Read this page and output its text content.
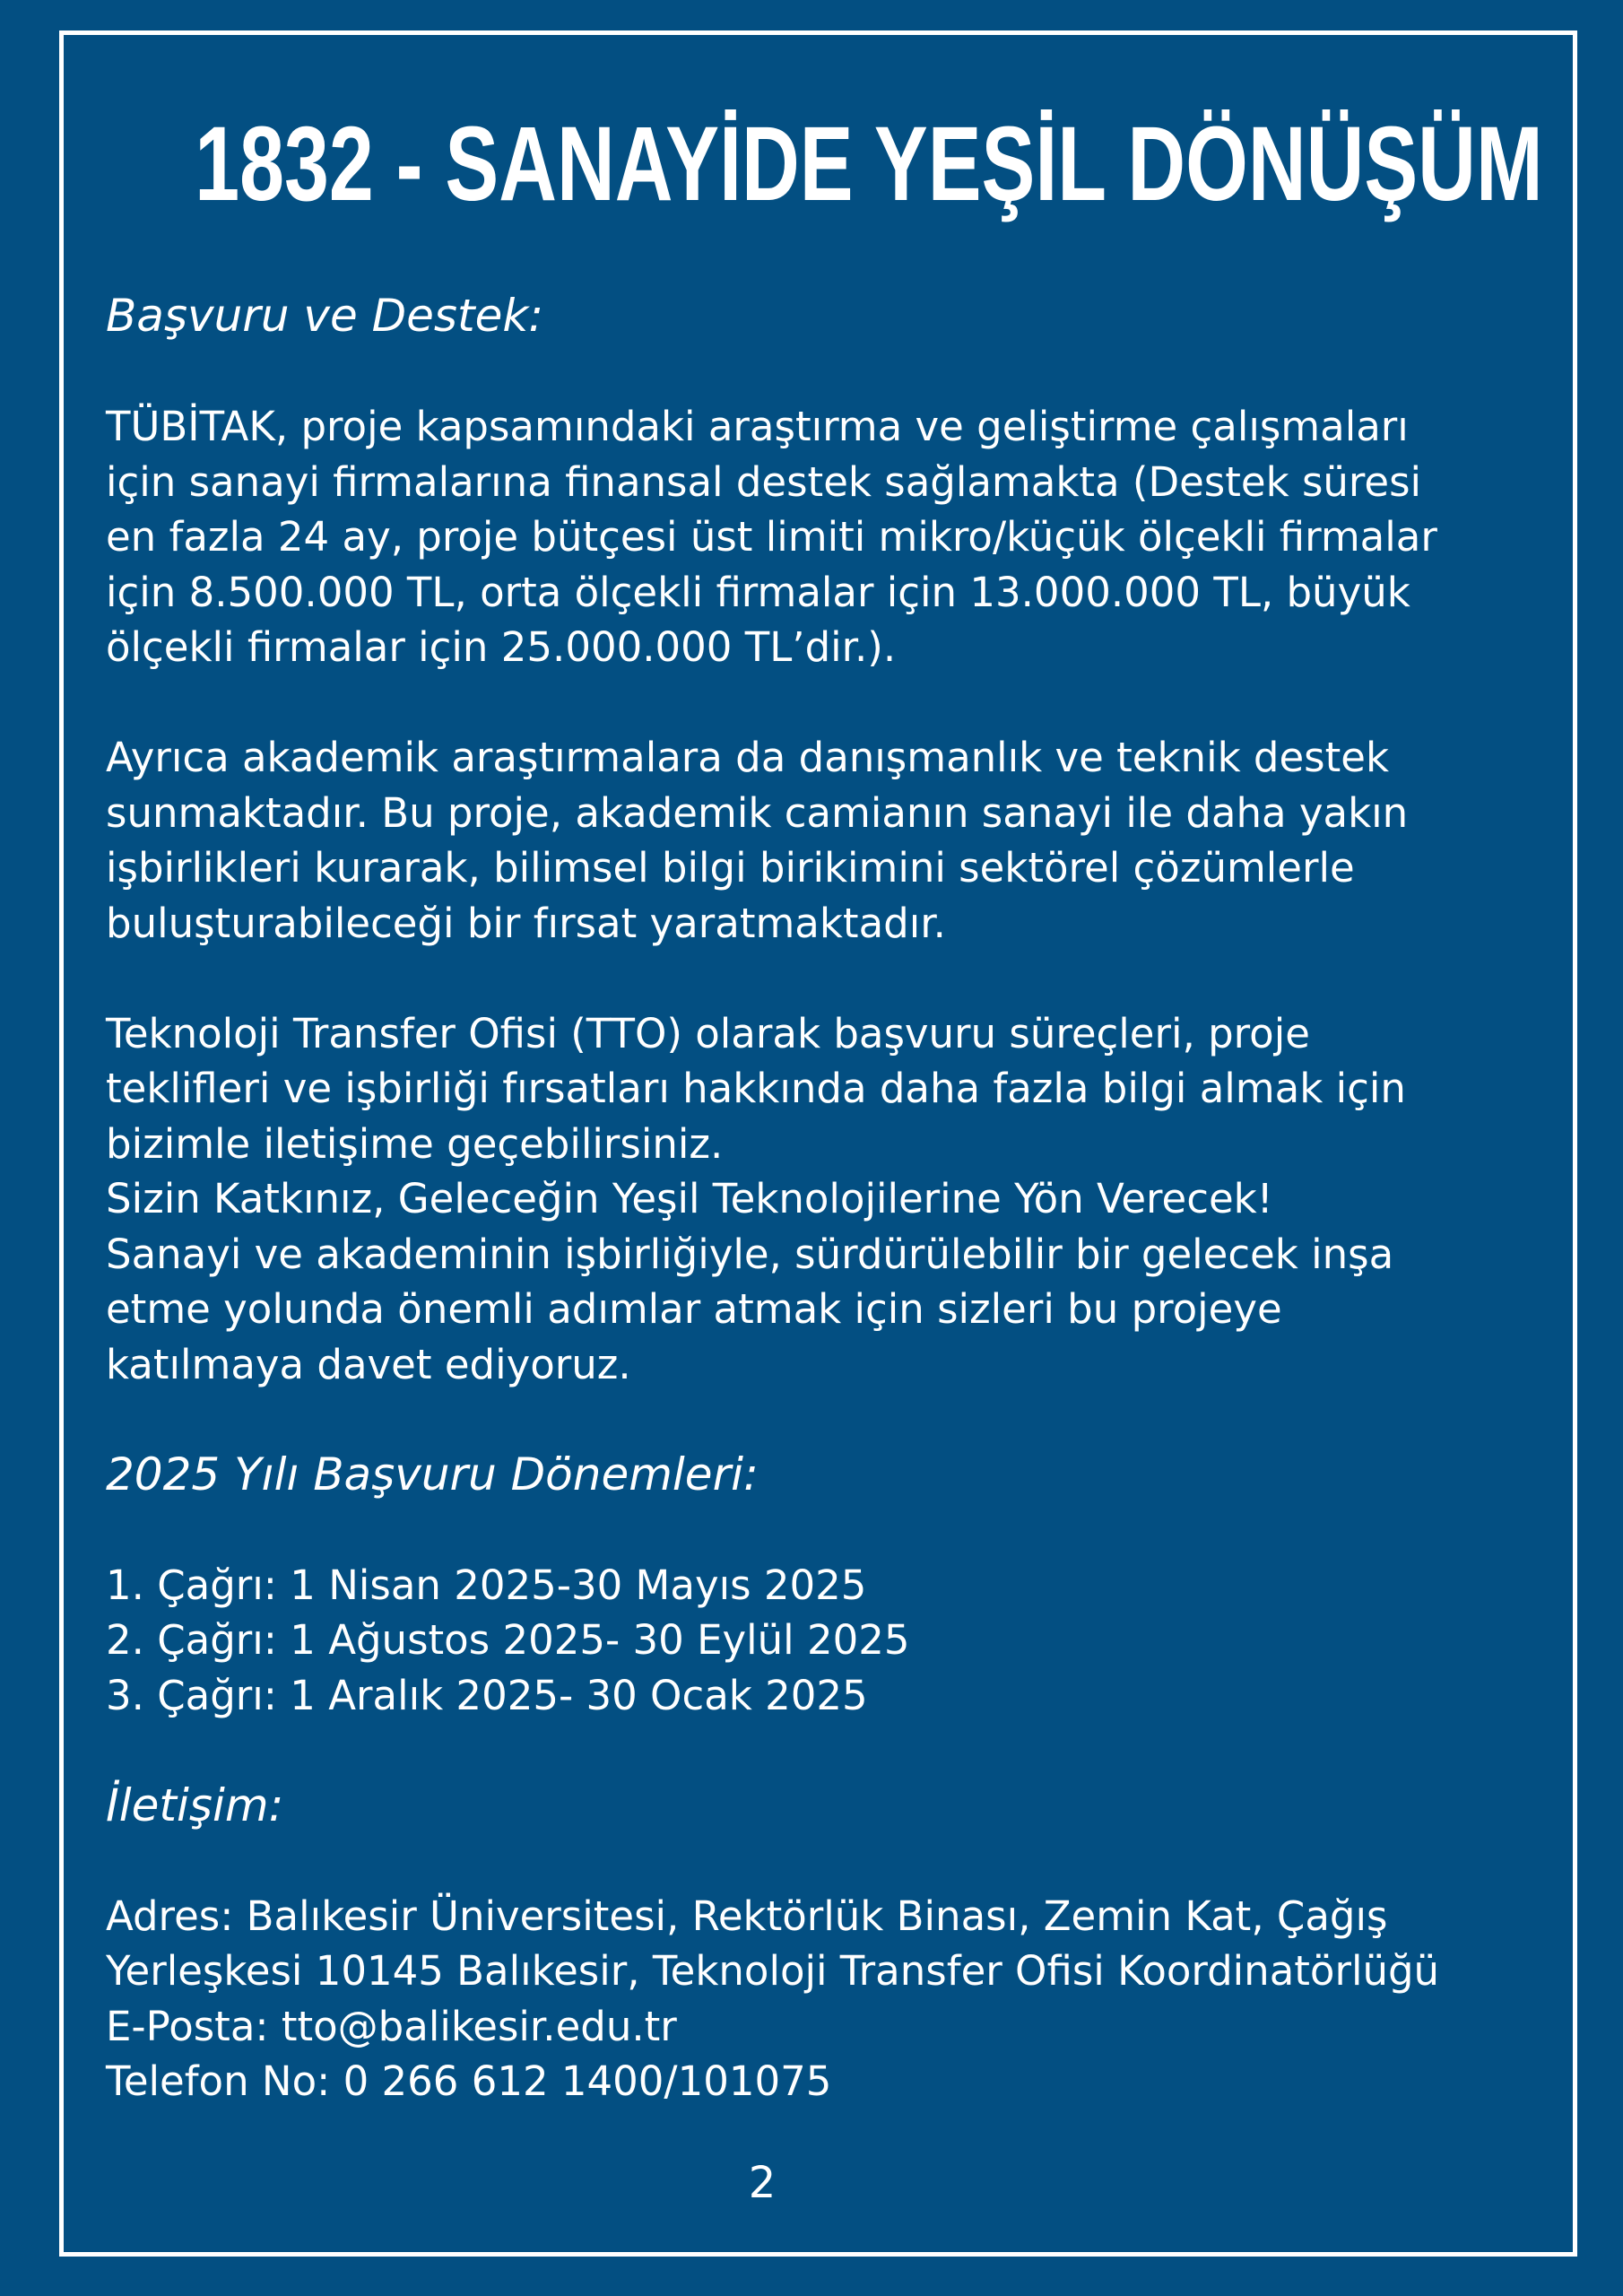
1832 - SANAYİDE YEŞİL DÖNÜŞÜM

Başvuru ve Destek:

TÜBİTAK, proje kapsamındaki araştırma ve geliştirme çalışmaları

için sanayi firmalarına finansal destek sağlamakta (Destek süresi

en fazla 24 ay, proje bütçesi üst limiti mikro/küçük ölçekli firmalar

için 8.500.000 TL, orta ölçekli firmalar için 13.000.000 TL, büyük

ölçekli firmalar için 25.000.000 TL’dir.).

Ayrıca akademik araştırmalara da danışmanlık ve teknik destek

sunmaktadır. Bu proje, akademik camianın sanayi ile daha yakın

işbirlikleri kurarak, bilimsel bilgi birikimini sektörel çözümlerle

buluşturabileceği bir fırsat yaratmaktadır.

Teknoloji Transfer Ofisi (TTO) olarak başvuru süreçleri, proje

teklifleri ve işbirliği fırsatları hakkında daha fazla bilgi almak için

bizimle iletişime geçebilirsiniz.

Sizin Katkınız, Geleceğin Yeşil Teknolojilerine Yön Verecek!

Sanayi ve akademinin işbirliğiyle, sürdürülebilir bir gelecek inşa

etme yolunda önemli adımlar atmak için sizleri bu projeye

katılmaya davet ediyoruz.

2025 Yılı Başvuru Dönemleri:

1. Çağrı: 1 Nisan 2025-30 Mayıs 2025

2. Çağrı: 1 Ağustos 2025- 30 Eylül 2025

3. Çağrı: 1 Aralık 2025- 30 Ocak 2025

İletişim:

Adres: Balıkesir Üniversitesi, Rektörlük Binası, Zemin Kat, Çağış

Yerleşkesi 10145 Balıkesir, Teknoloji Transfer Ofisi Koordinatörlüğü

E-Posta: tto@balikesir.edu.tr

Telefon No: 0 266 612 1400/101075

2
